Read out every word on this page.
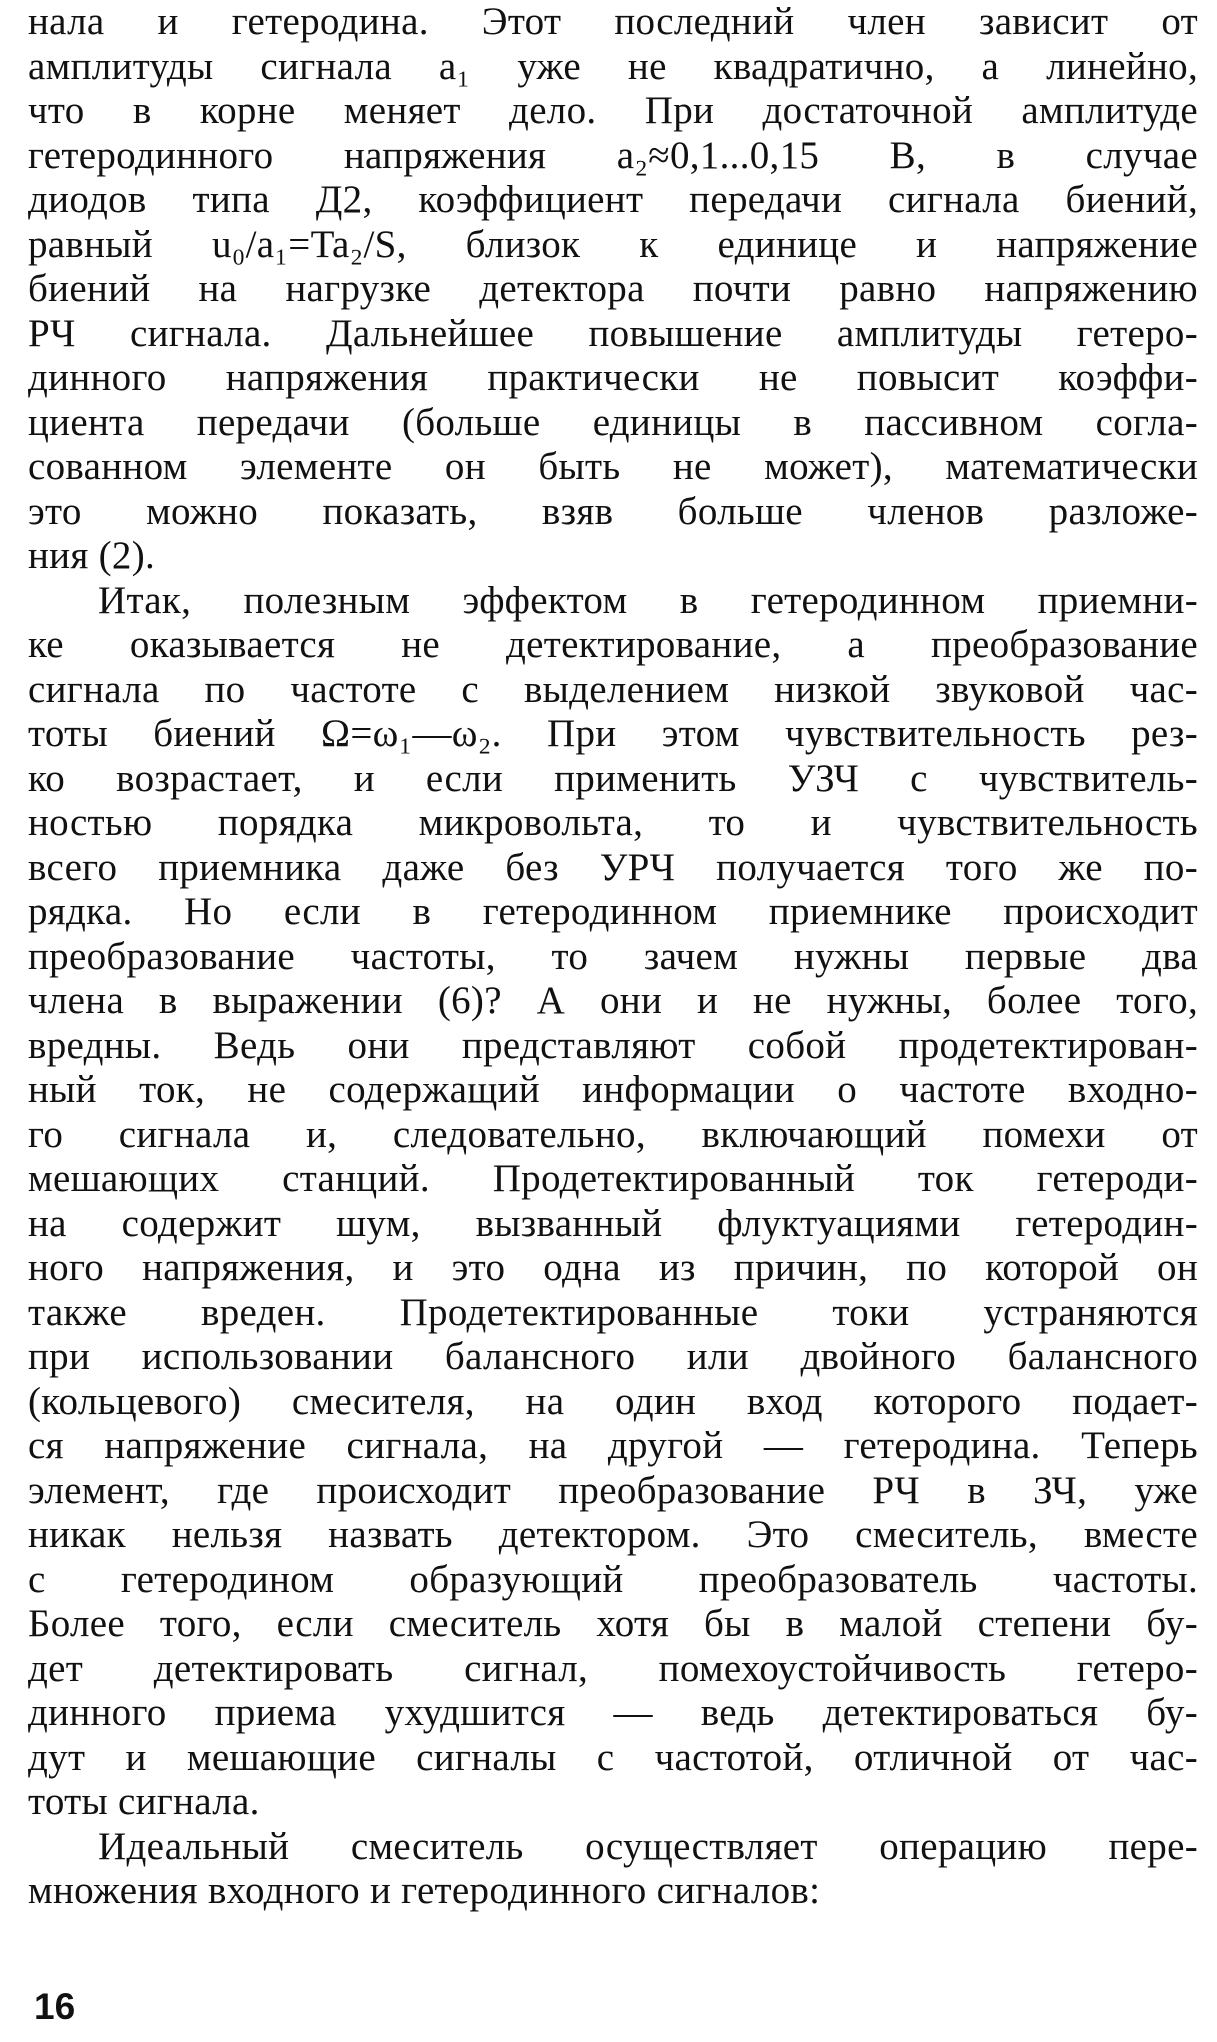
нала и гетеродина. Этот последний член зависит от
амплитуды сигнала a₁ уже не квадратично, а линейно,
что в корне меняет дело. При достаточной амплитуде
гетеродинного напряжения a₂≈0,1...0,15 В, в случае
диодов типа Д2, коэффициент передачи сигнала биений,
равный u₀/a₁=Ta₂/S, близок к единице и напряжение
биений на нагрузке детектора почти равно напряжению
РЧ сигнала. Дальнейшее повышение амплитуды гетеро-
динного напряжения практически не повысит коэффи-
циента передачи (больше единицы в пассивном согла-
сованном элементе он быть не может), математически
это можно показать, взяв больше членов разложе-
ния (2).
Итак, полезным эффектом в гетеродинном приемни-
ке оказывается не детектирование, а преобразование
сигнала по частоте с выделением низкой звуковой час-
тоты биений Ω=ω₁—ω₂. При этом чувствительность рез-
ко возрастает, и если применить УЗЧ с чувствитель-
ностью порядка микровольта, то и чувствительность
всего приемника даже без УРЧ получается того же по-
рядка. Но если в гетеродинном приемнике происходит
преобразование частоты, то зачем нужны первые два
члена в выражении (6)? А они и не нужны, более того,
вредны. Ведь они представляют собой продетектирован-
ный ток, не содержащий информации о частоте входно-
го сигнала и, следовательно, включающий помехи от
мешающих станций. Продетектированный ток гетероди-
на содержит шум, вызванный флуктуациями гетеродин-
ного напряжения, и это одна из причин, по которой он
также вреден. Продетектированные токи устраняются
при использовании балансного или двойного балансного
(кольцевого) смесителя, на один вход которого подает-
ся напряжение сигнала, на другой — гетеродина. Теперь
элемент, где происходит преобразование РЧ в ЗЧ, уже
никак нельзя назвать детектором. Это смеситель, вместе
с гетеродином образующий преобразователь частоты.
Более того, если смеситель хотя бы в малой степени бу-
дет детектировать сигнал, помехоустойчивость гетеро-
динного приема ухудшится — ведь детектироваться бу-
дут и мешающие сигналы с частотой, отличной от час-
тоты сигнала.
Идеальный смеситель осуществляет операцию пере-
множения входного и гетеродинного сигналов:
16
